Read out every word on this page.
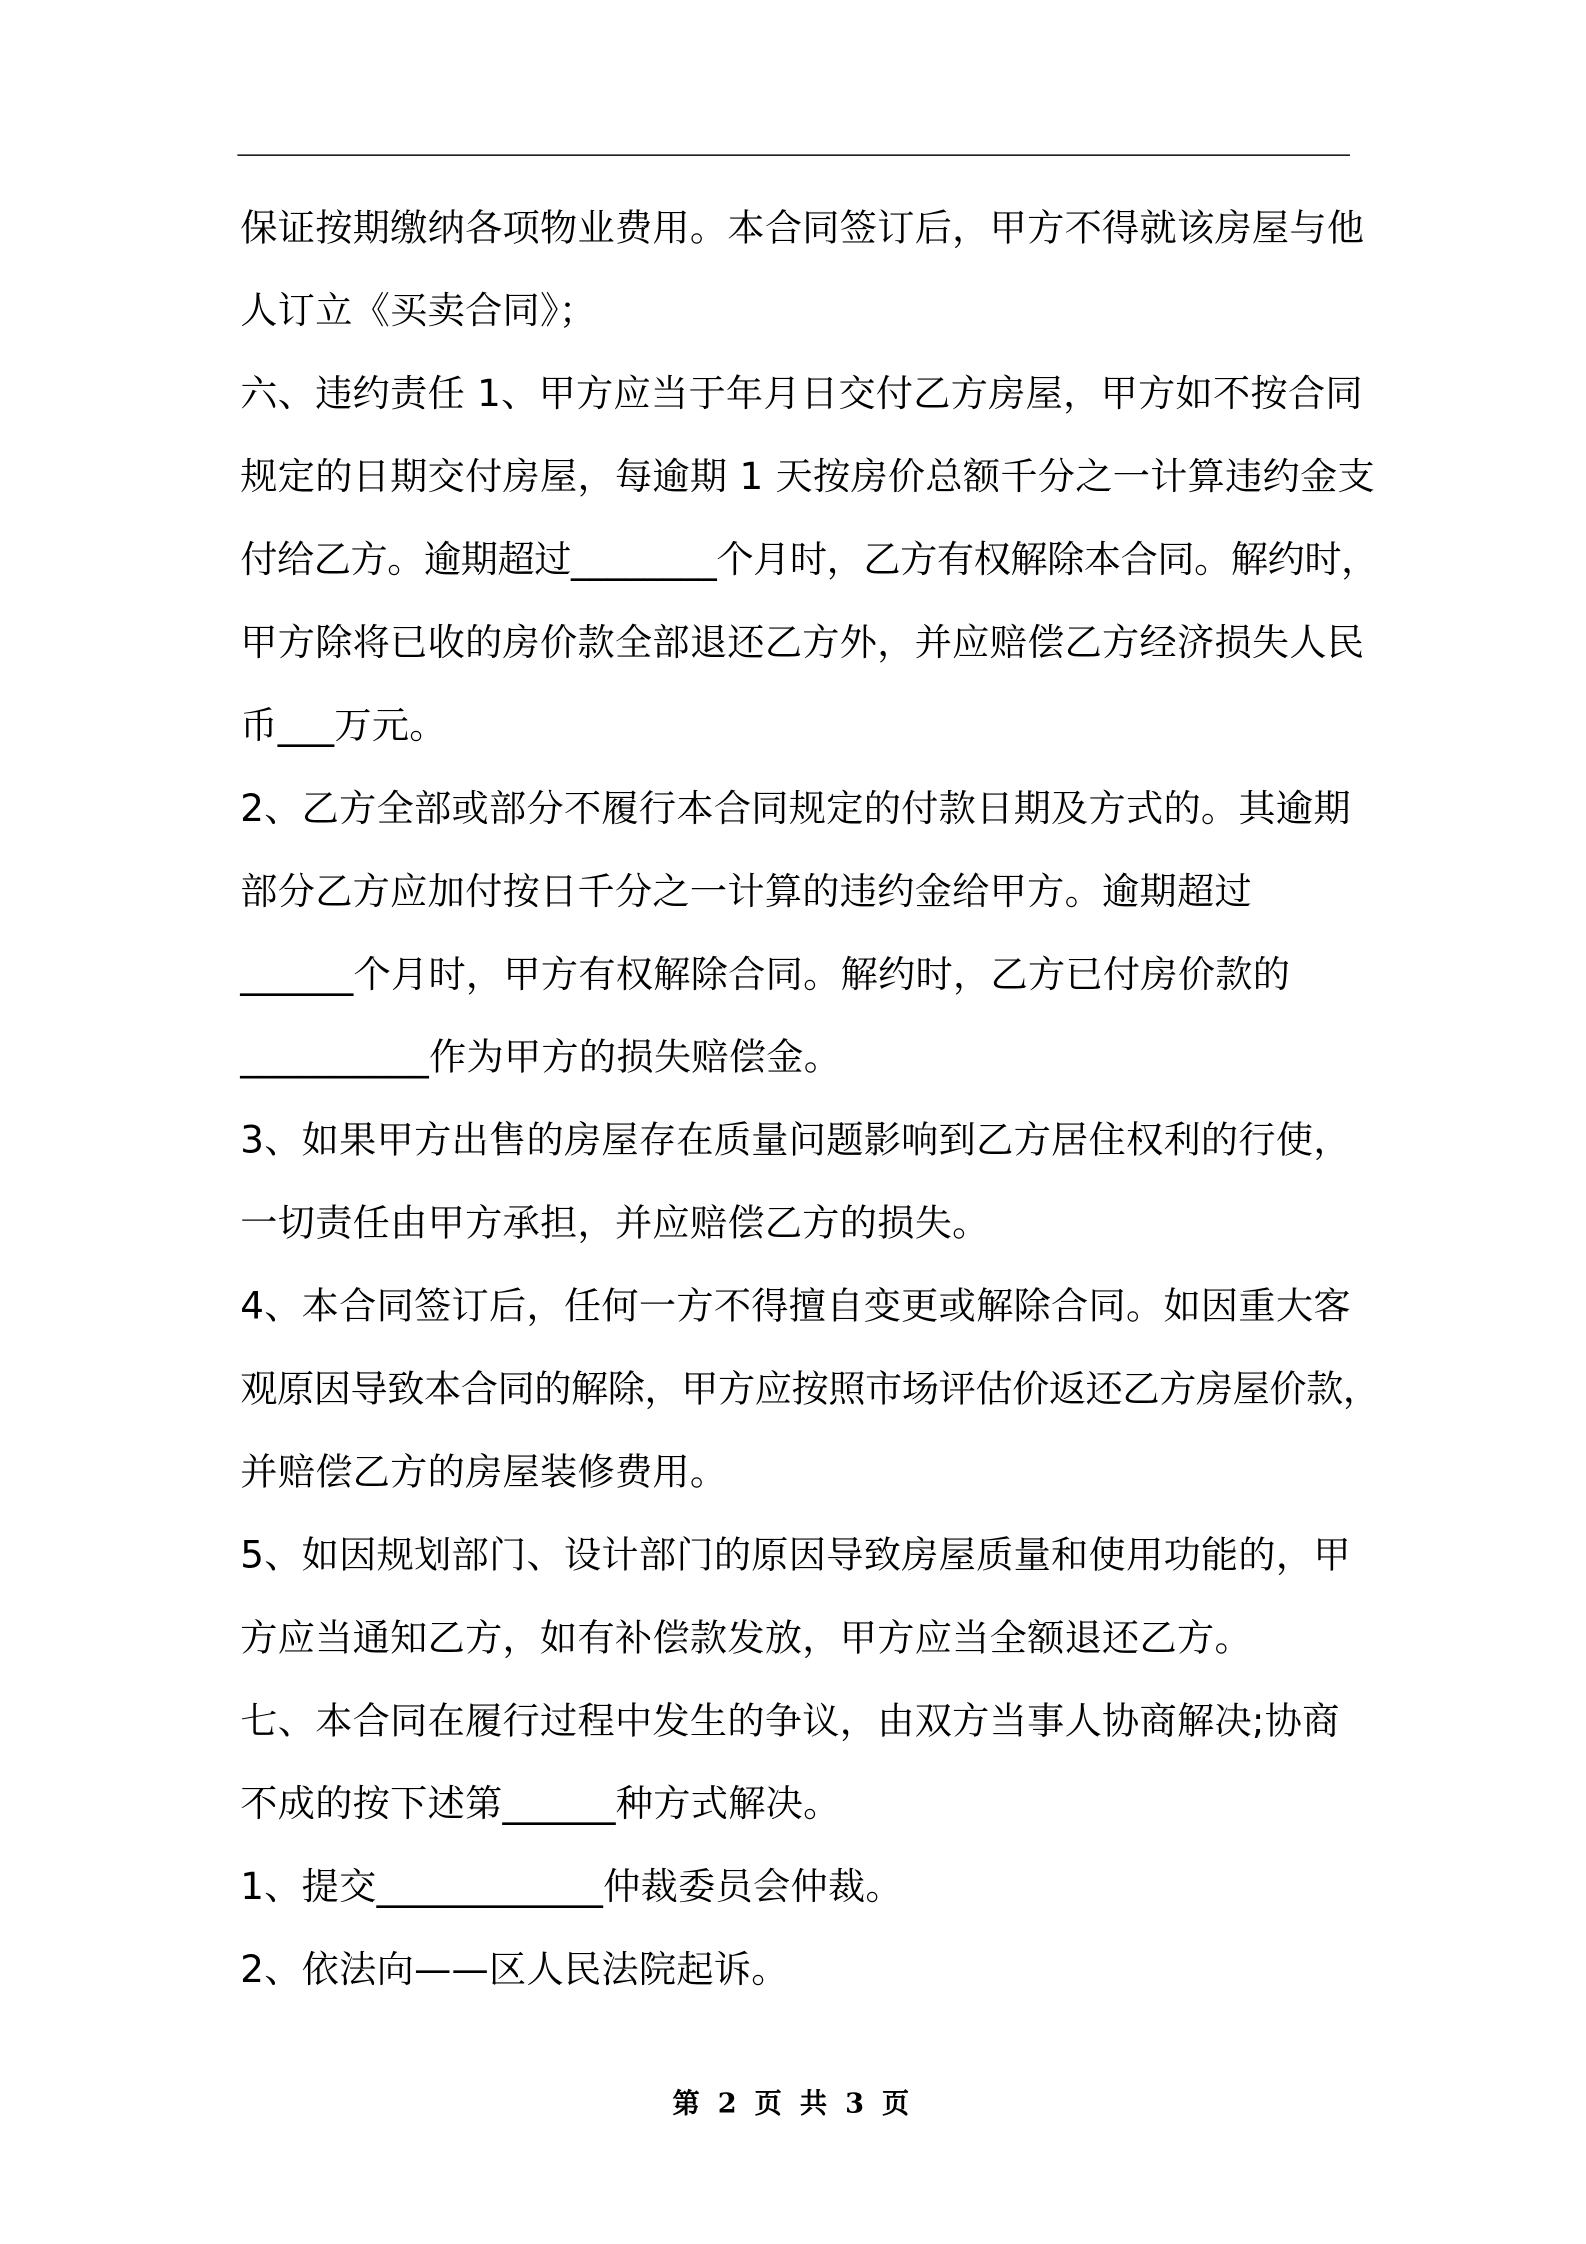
保证按期缴纳各项物业费用。本合同签订后，甲方不得就该房屋与他
人订立《买卖合同》；
六、违约责任 1、甲方应当于年月日交付乙方房屋，甲方如不按合同
规定的日期交付房屋，每逾期 1 天按房价总额千分之一计算违约金支
付给乙方。逾期超过________个月时，乙方有权解除本合同。解约时，
甲方除将已收的房价款全部退还乙方外，并应赔偿乙方经济损失人民
币___万元。
2、乙方全部或部分不履行本合同规定的付款日期及方式的。其逾期
部分乙方应加付按日千分之一计算的违约金给甲方。逾期超过
______个月时，甲方有权解除合同。解约时，乙方已付房价款的
__________作为甲方的损失赔偿金。
3、如果甲方出售的房屋存在质量问题影响到乙方居住权利的行使，
一切责任由甲方承担，并应赔偿乙方的损失。
4、本合同签订后，任何一方不得擅自变更或解除合同。如因重大客
观原因导致本合同的解除，甲方应按照市场评估价返还乙方房屋价款，
并赔偿乙方的房屋装修费用。
5、如因规划部门、设计部门的原因导致房屋质量和使用功能的，甲
方应当通知乙方，如有补偿款发放，甲方应当全额退还乙方。
七、本合同在履行过程中发生的争议，由双方当事人协商解决;协商
不成的按下述第______种方式解决。
1、提交____________仲裁委员会仲裁。
2、依法向——区人民法院起诉。
第 2 页 共 3 页
